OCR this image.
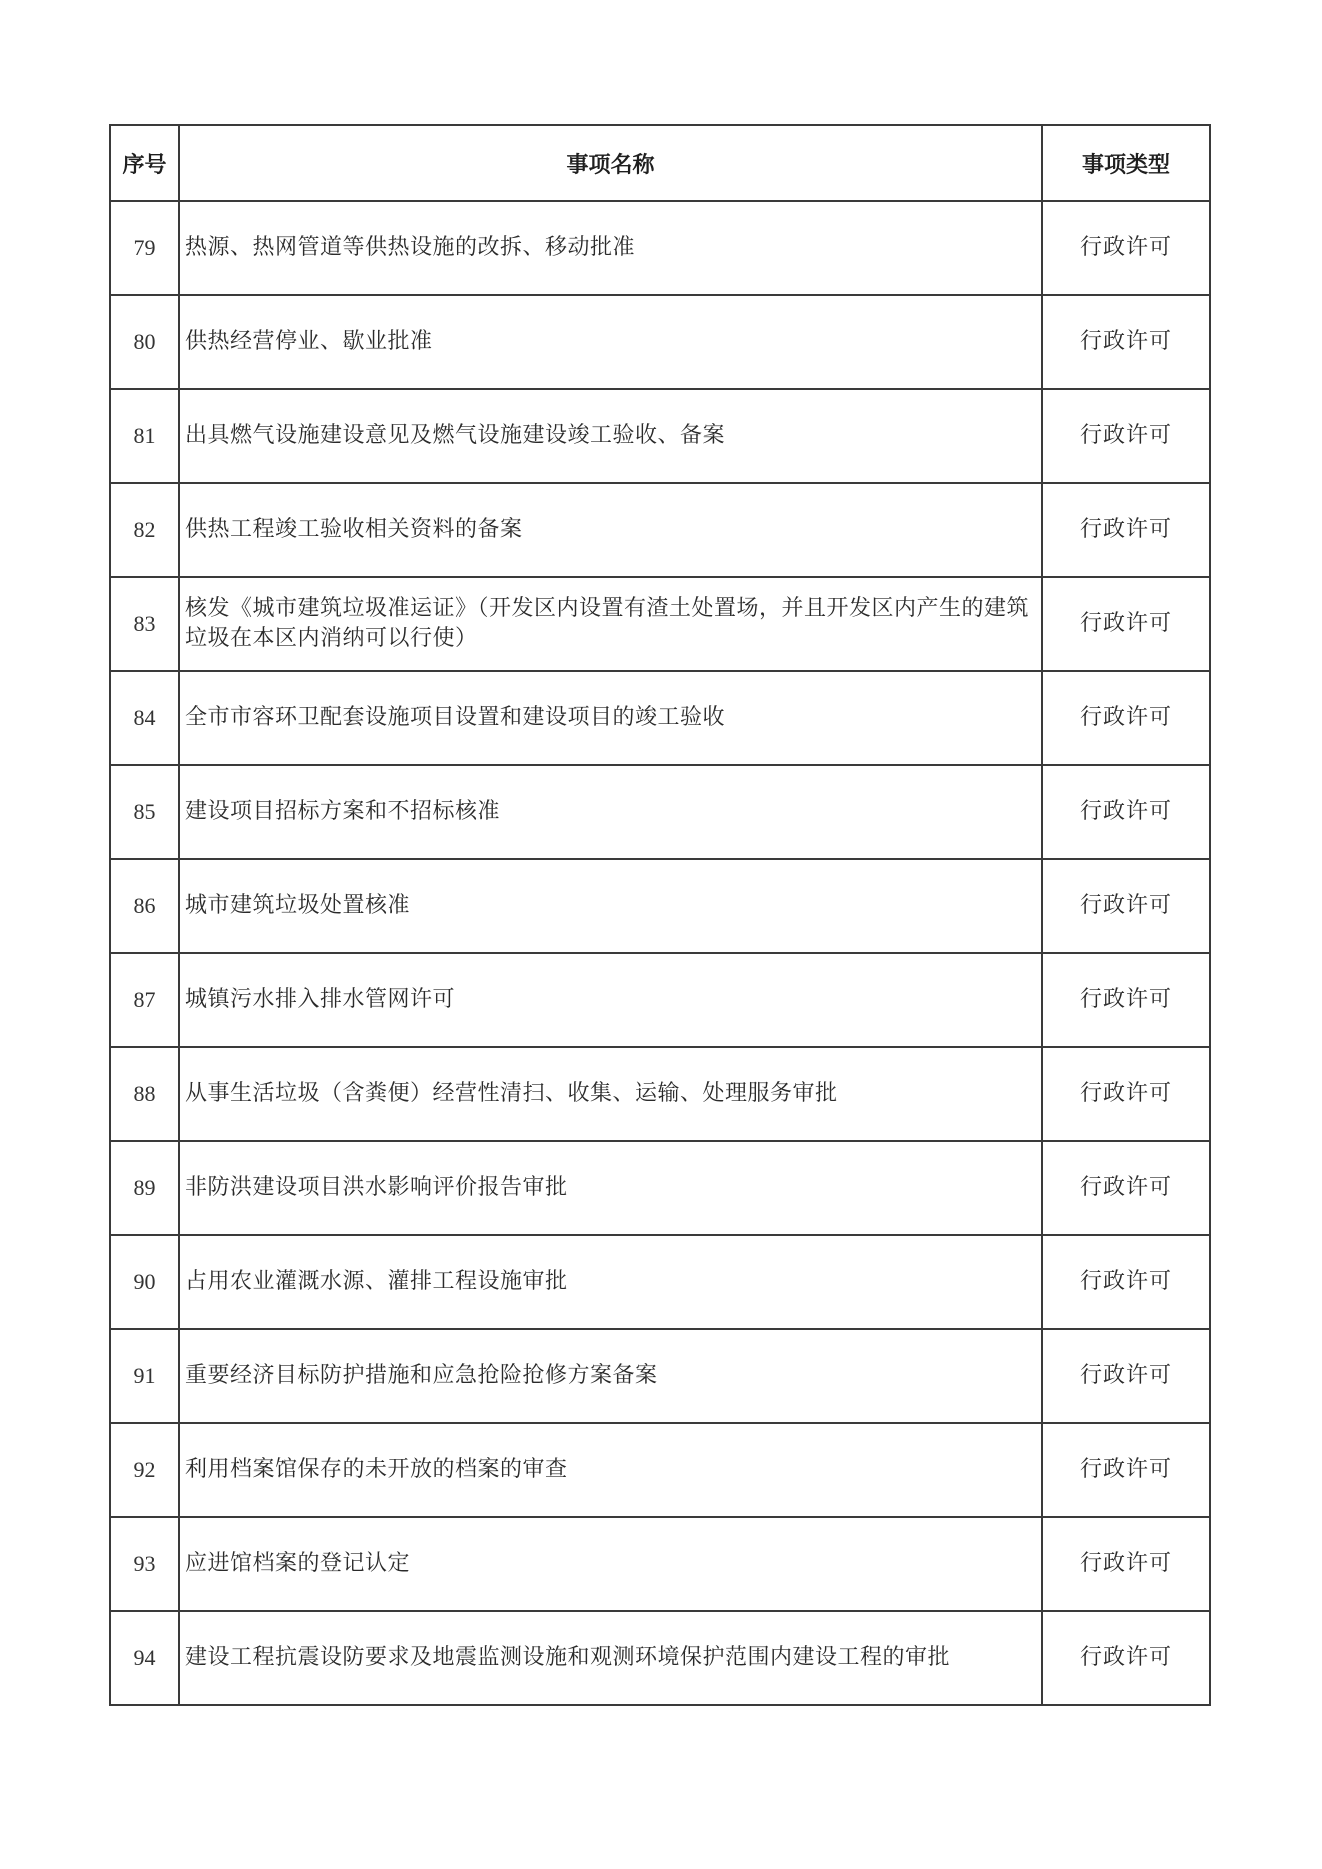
序号	事项名称	事项类型
79	热源、热网管道等供热设施的改拆、移动批准	行政许可
80	供热经营停业、歇业批准	行政许可
81	出具燃气设施建设意见及燃气设施建设竣工验收、备案	行政许可
82	供热工程竣工验收相关资料的备案	行政许可
83	核发《城市建筑垃圾准运证》（开发区内设置有渣土处置场，并且开发区内产生的建筑垃圾在本区内消纳可以行使）	行政许可
84	全市市容环卫配套设施项目设置和建设项目的竣工验收	行政许可
85	建设项目招标方案和不招标核准	行政许可
86	城市建筑垃圾处置核准	行政许可
87	城镇污水排入排水管网许可	行政许可
88	从事生活垃圾（含粪便）经营性清扫、收集、运输、处理服务审批	行政许可
89	非防洪建设项目洪水影响评价报告审批	行政许可
90	占用农业灌溉水源、灌排工程设施审批	行政许可
91	重要经济目标防护措施和应急抢险抢修方案备案	行政许可
92	利用档案馆保存的未开放的档案的审查	行政许可
93	应进馆档案的登记认定	行政许可
94	建设工程抗震设防要求及地震监测设施和观测环境保护范围内建设工程的审批	行政许可
